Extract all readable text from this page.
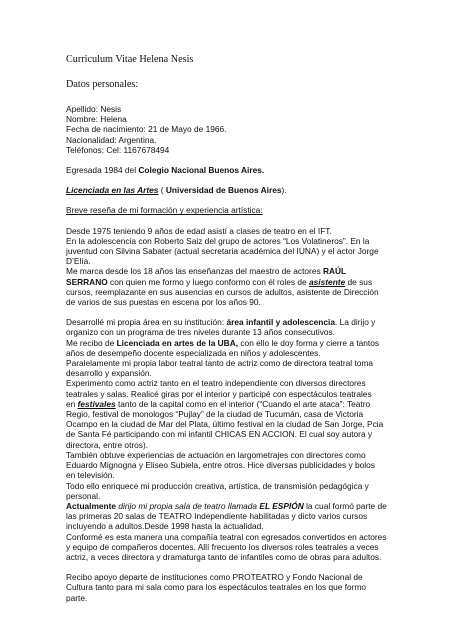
Curriculum Vitae Helena Nesis

Datos personales:

Apellido: Nesis

Nombre: Helena

Fecha de nacimiento: 21 de Mayo de 1966.

Nacionalidad: Argentina.

Teléfonos: Cel: 1167678494

Egresada 1984 del Colegio Nacional Buenos Aires.

Licenciada en las Artes ( Universidad de Buenos Aires).

Breve reseña de mi formación y experiencia artística:

Desde 1975 teniendo 9 años de edad asistí a clases de teatro en el IFT.

En la adolescencia con Roberto Saiz del grupo de actores “Los Volatineros”. En la

juventud con Silvina Sabater (actual secretaria académica del IUNA) y el actor Jorge

D’Elía.

Me marca desde los 18 años las enseñanzas del maestro de actores RAÚL

SERRANO con quien me formo y luego conformo con él roles de asistente de sus

cursos, reemplazante en sus ausencias en cursos de adultos, asistente de Dirección

de varios de sus puestas en escena por los años 90.

Desarrollé mi propia área en su institución: área infantil y adolescencia. La dirijo y

organizo con un programa de tres niveles durante 13 años consecutivos.

Me recibo de Licenciada en artes de la UBA, con ello le doy forma y cierre a tantos

años de desempeño docente especializada en niños y adolescentes.

Paralelamente mi propia labor teatral tanto de actriz como de directora teatral toma

desarrollo y expansión.

Experimento como actriz tanto en el teatro independiente con diversos directores

teatrales y salas. Realicé giras por el interior y participé con espectáculos teatrales

en festivales tanto de la capital como en el interior (“Cuando el arte ataca”: Teatro

Regio, festival de monologos “Pujlay” de la ciudad de Tucumán, casa de Victoria

Ocampo en la ciudad de Mar del Plata, último festival en la ciudad de San Jorge, Pcia

de Santa Fé participando con mi infantil CHICAS EN ACCION. El cual soy autora y

directora, entre otros).

También obtuve experiencias de actuación en largometrajes con directores como

Eduardo Mignogna y Eliseo Subiela, entre otros. Hice diversas publicidades y bolos

en televisión.

Todo ello enriquece mi producción creativa, artística, de transmisión pedagógica y

personal.

Actualmente dirijo mi propia sala de teatro llamada EL ESPIÓN la cual formó parte de

las primeras 20 salas de TEATRO Independiente habilitadas y dicto varios cursos

incluyendo a adultos.Desde 1998 hasta la actualidad.

Conformé es esta manera una compañía teatral con egresados convertidos en actores

y equipo de compañeros docentes. Allí frecuento los diversos roles teatrales a veces

actriz, a veces directora y dramaturga tanto de infantiles como de obras para adultos.

Recibo apoyo departe de instituciones como PROTEATRO y Fondo Nacional de

Cultura tanto para mi sala como para los espectáculos teatrales en los que formo

parte.
